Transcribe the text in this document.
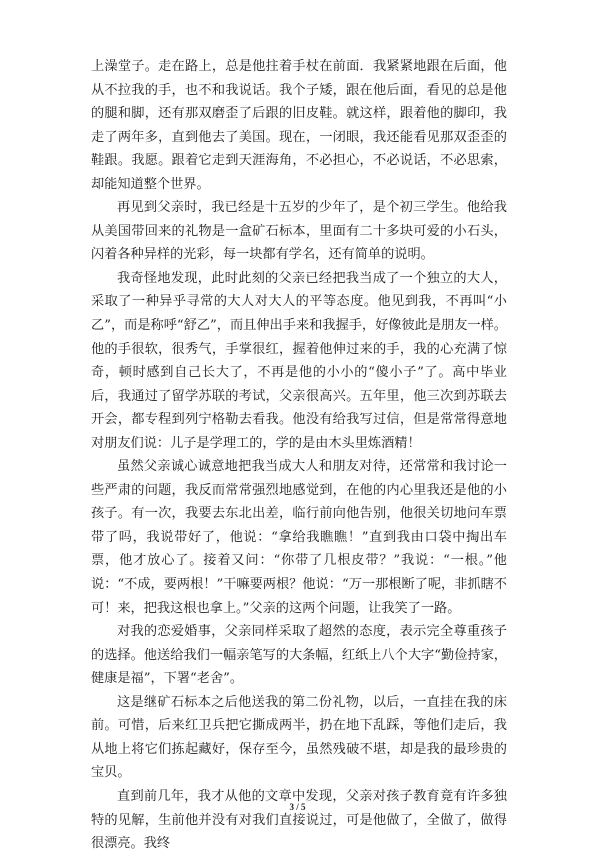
上澡堂子。走在路上，总是他拄着手杖在前面．我紧紧地跟在后面，他从不拉我的手，也不和我说话。我个子矮，跟在他后面，看见的总是他的腿和脚，还有那双磨歪了后跟的旧皮鞋。就这样，跟着他的脚印，我走了两年多，直到他去了美国。现在，一闭眼，我还能看见那双歪歪的鞋跟。我愿。跟着它走到天涯海角，不必担心，不必说话，不必思索，却能知道整个世界。

再见到父亲时，我已经是十五岁的少年了，是个初三学生。他给我从美国带回来的礼物是一盒矿石标本，里面有二十多块可爱的小石头，闪着各种异样的光彩，每一块都有学名，还有简单的说明。

我奇怪地发现，此时此刻的父亲已经把我当成了一个独立的大人，采取了一种异乎寻常的大人对大人的平等态度。他见到我，不再叫“小乙”，而是称呼“舒乙”，而且伸出手来和我握手，好像彼此是朋友一样。他的手很软，很秀气，手掌很红，握着他伸过来的手，我的心充满了惊奇，顿时感到自己长大了，不再是他的小小的“傻小子”了。高中毕业后，我通过了留学苏联的考试，父亲很高兴。五年里，他三次到苏联去开会，都专程到列宁格勒去看我。他没有给我写过信，但是常常得意地对朋友们说：儿子是学理工的，学的是由木头里炼酒精！

虽然父亲诚心诚意地把我当成大人和朋友对待，还常常和我讨论一些严肃的问题，我反而常常强烈地感觉到，在他的内心里我还是他的小孩子。有一次，我要去东北出差，临行前向他告别，他很关切地问车票带了吗，我说带好了，他说：“拿给我瞧瞧！”直到我由口袋中掏出车票，他才放心了。接着又问：“你带了几根皮带？”我说：“一根。”他说：“不成，要两根！”干嘛要两根？他说：“万一那根断了呢，非抓瞎不可！来，把我这根也拿上。”父亲的这两个问题，让我笑了一路。

对我的恋爱婚事，父亲同样采取了超然的态度，表示完全尊重孩子的选择。他送给我们一幅亲笔写的大条幅，红纸上八个大字“勤俭持家，健康是福”，下署“老舍”。

这是继矿石标本之后他送我的第二份礼物，以后，一直挂在我的床前。可惜，后来红卫兵把它撕成两半，扔在地下乱踩，等他们走后，我从地上将它们拣起藏好，保存至今，虽然残破不堪，却是我的最珍贵的宝贝。

直到前几年，我才从他的文章中发现，父亲对孩子教育竟有许多独特的见解，生前他并没有对我们直接说过，可是他做了，全做了，做得很漂亮。我终

3 / 5
